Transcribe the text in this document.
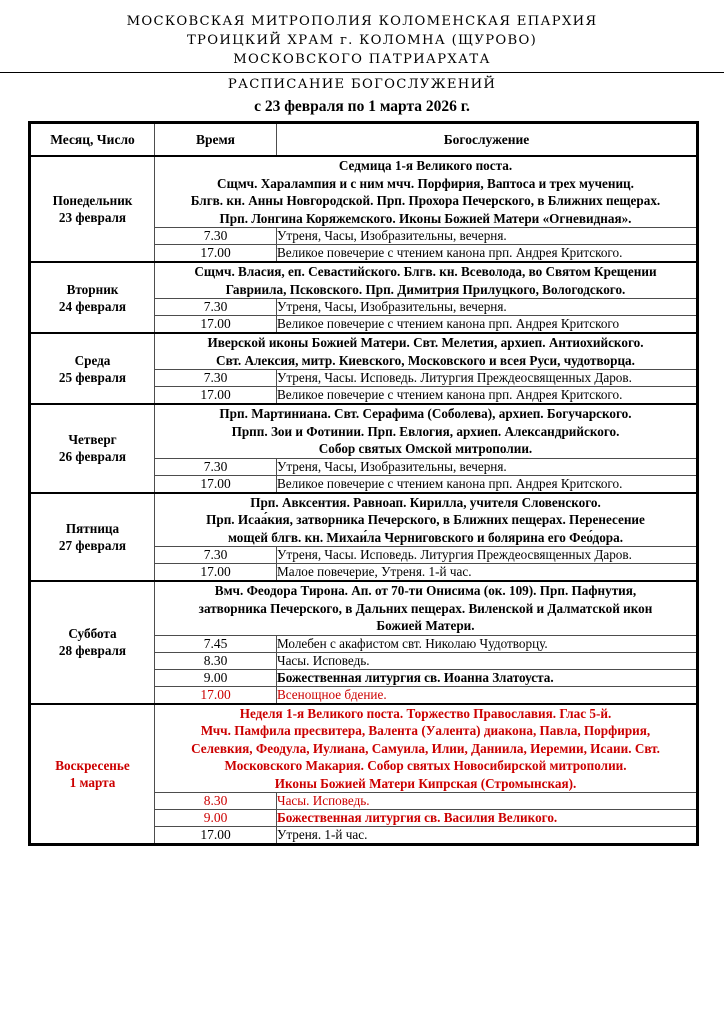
МОСКОВСКАЯ МИТРОПОЛИЯ КОЛОМЕНСКАЯ ЕПАРХИЯ
ТРОИЦКИЙ ХРАМ г. КОЛОМНА (ЩУРОВО)
МОСКОВСКОГО ПАТРИАРХАТА
РАСПИСАНИЕ БОГОСЛУЖЕНИЙ
с 23 февраля по 1 марта 2026 г.
Месяц, Число	Время	Богослужение

Понедельник
23 февраля

Седмица 1-я Великого поста.
Сщмч. Харалампия и с ним мчч. Порфирия, Ваптоса и трех мучениц.
Блгв. кн. Анны Новгородской. Прп. Прохора Печерского, в Ближних пещерах.
Прп. Лонгина Коряжемского. Иконы Божией Матери «Огневидная».

	7.30	Утреня, Часы, Изобразительны, вечерня.
	17.00	Великое повечерие с чтением канона прп. Андрея Критского.

Вторник
24 февраля

Сщмч. Власия, еп. Севастийского. Блгв. кн. Всеволода, во Святом Крещении
Гавриила, Псковского. Прп. Димитрия Прилуцкого, Вологодского.

	7.30	Утреня, Часы, Изобразительны, вечерня.
	17.00	Великое повечерие с чтением канона прп. Андрея Критского

Среда
25 февраля

Иверской иконы Божией Матери. Свт. Мелетия, архиеп. Антиохийского.
Свт. Алексия, митр. Киевского, Московского и всея Руси, чудотворца.

	7.30	Утреня, Часы. Исповедь. Литургия Преждеосвященных Даров.
	17.00	Великое повечерие с чтением канона прп. Андрея Критского.

Четверг
26 февраля

Прп. Мартиниана. Свт. Серафима (Соболева), архиеп. Богучарского.
Прпп. Зои и Фотинии. Прп. Евлогия, архиеп. Александрийского.
Собор святых Омской митрополии.

	7.30	Утреня, Часы, Изобразительны, вечерня.
	17.00	Великое повечерие с чтением канона прп. Андрея Критского.

Пятница
27 февраля

Прп. Авксентия. Равноап. Кирилла, учителя Словенского.
Прп. Исаа́кия, затворника Печерского, в Ближних пещерах. Перенесение
мощей блгв. кн. Михаи́ла Черниговского и болярина его Фео́дора.

	7.30	Утреня, Часы. Исповедь. Литургия Преждеосвященных Даров.
	17.00	Малое повечерие, Утреня. 1-й час.

Суббота
28 февраля

Вмч. Феодора Тирона. Ап. от 70-ти Онисима (ок. 109). Прп. Пафнутия,
затворника Печерского, в Дальних пещерах. Виленской и Далматской икон
Божией Матери.

	7.45	Молебен с акафистом свт. Николаю Чудотворцу.
	8.30	Часы. Исповедь.
	9.00	Божественная литургия св. Иоанна Златоуста.
	17.00	Всенощное бдение.

Воскресенье
1 марта

Неделя 1-я Великого поста. Торжество Православия. Глас 5-й.
Мчч. Памфила пресвитера, Валента (Уалента) диакона, Павла, Порфирия,
Селевкия, Феодула, Иулиана, Самуила, Илии, Даниила, Иеремии, Исаии. Свт.
Московского Макария. Собор святых Новосибирской митрополии.
Иконы Божией Матери Кипрская (Стромынская).

	8.30	Часы. Исповедь.
	9.00	Божественная литургия св. Василия Великого.
	17.00	Утреня. 1-й час.
